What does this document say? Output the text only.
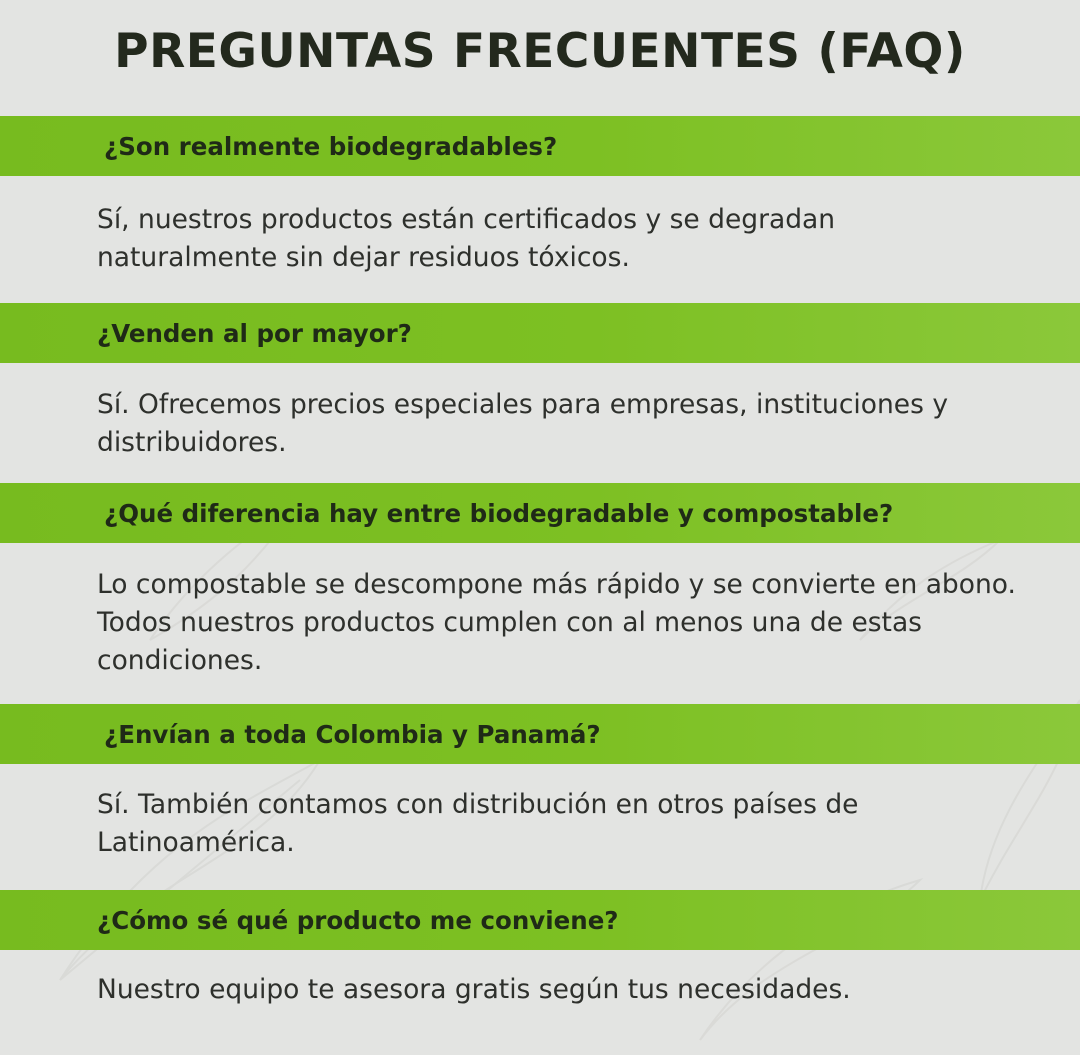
PREGUNTAS FRECUENTES (FAQ)
¿Son realmente biodegradables?
Sí, nuestros productos están certificados y se degradan naturalmente sin dejar residuos tóxicos.
¿Venden al por mayor?
Sí. Ofrecemos precios especiales para empresas, instituciones y distribuidores.
¿Qué diferencia hay entre biodegradable y compostable?
Lo compostable se descompone más rápido y se convierte en abono. Todos nuestros productos cumplen con al menos una de estas condiciones.
¿Envían a toda Colombia y Panamá?
Sí. También contamos con distribución en otros países de Latinoamérica.
¿Cómo sé qué producto me conviene?
Nuestro equipo te asesora gratis según tus necesidades.
